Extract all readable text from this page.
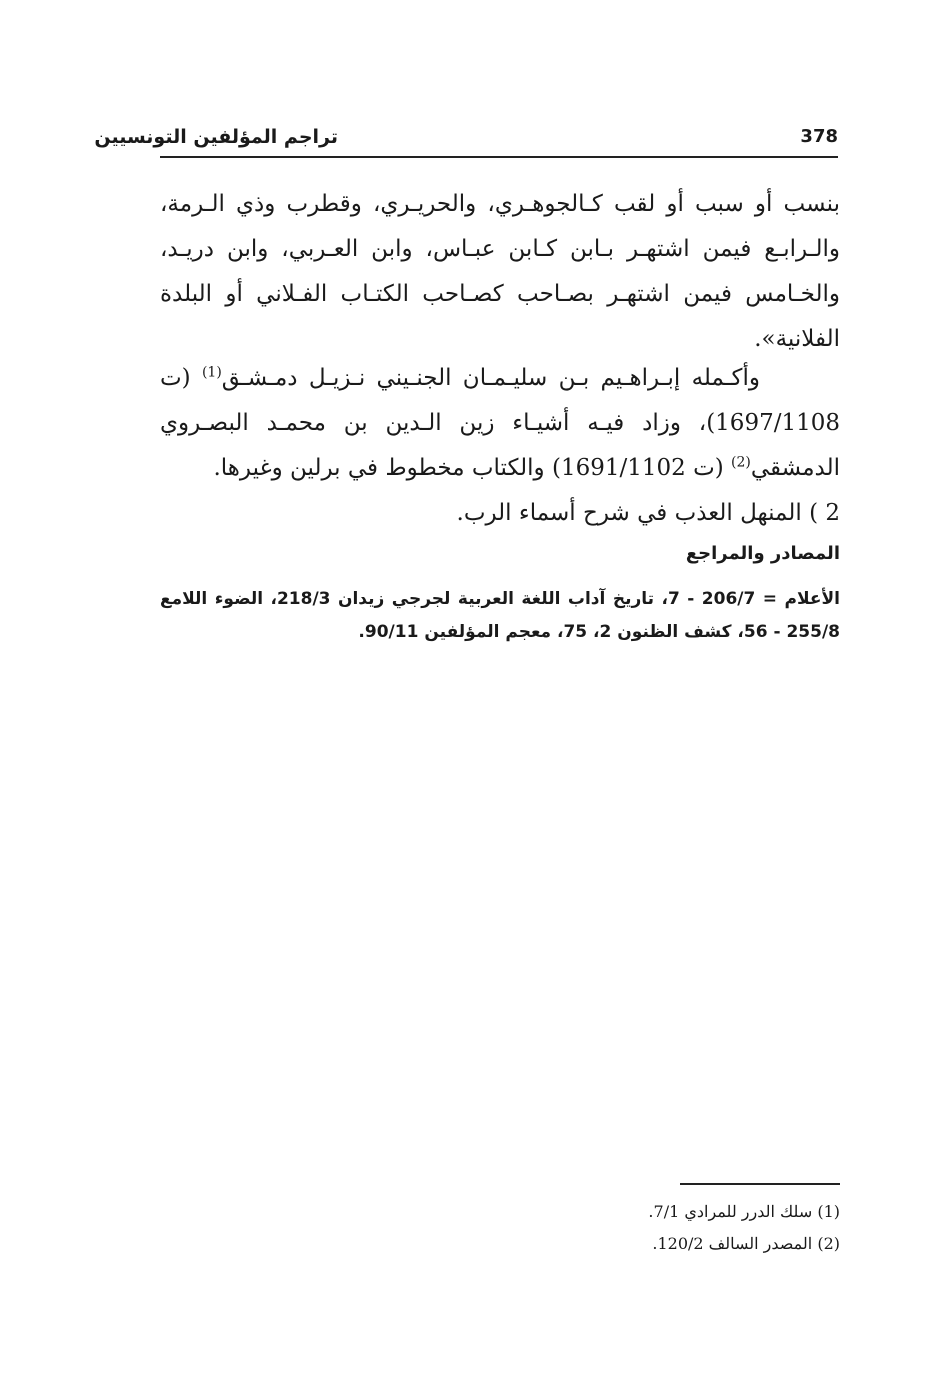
378
تراجم المؤلفين التونسيين

بنسب أو سبب أو لقب كـالجوهـري، والحريـري، وقطرب وذي الـرمة، والـرابـع فيمن اشتهـر بـابن كـابن عبـاس، وابن العـربي، وابن دريـد، والخـامس فيمن اشتهـر بصـاحب كصـاحب الكتـاب الفـلاني أو البلدة الفلانية».

وأكـمله إبـراهـيم بـن سليـمـان الجنـيني نـزيـل دمـشـق$^{(1)}$ (ت 1697/1108)، وزاد فيـه أشيـاء زين الـدين بن محمـد البصـروي الدمشقي$^{(2)}$ (ت 1691/1102) والكتاب مخطوط في برلين وغيرها.

2 ) المنهل العذب في شرح أسماء الرب.
المصادر والمراجع
الأعلام = 206/7 - 7، تاريخ آداب اللغة العربية لجرجي زيدان 218/3، الضوء اللامع 255/8 - 56، كشف الظنون 2، 75، معجم المؤلفين 90/11.
(1) سلك الدرر للمرادي 7/1.
(2) المصدر السالف 120/2.
